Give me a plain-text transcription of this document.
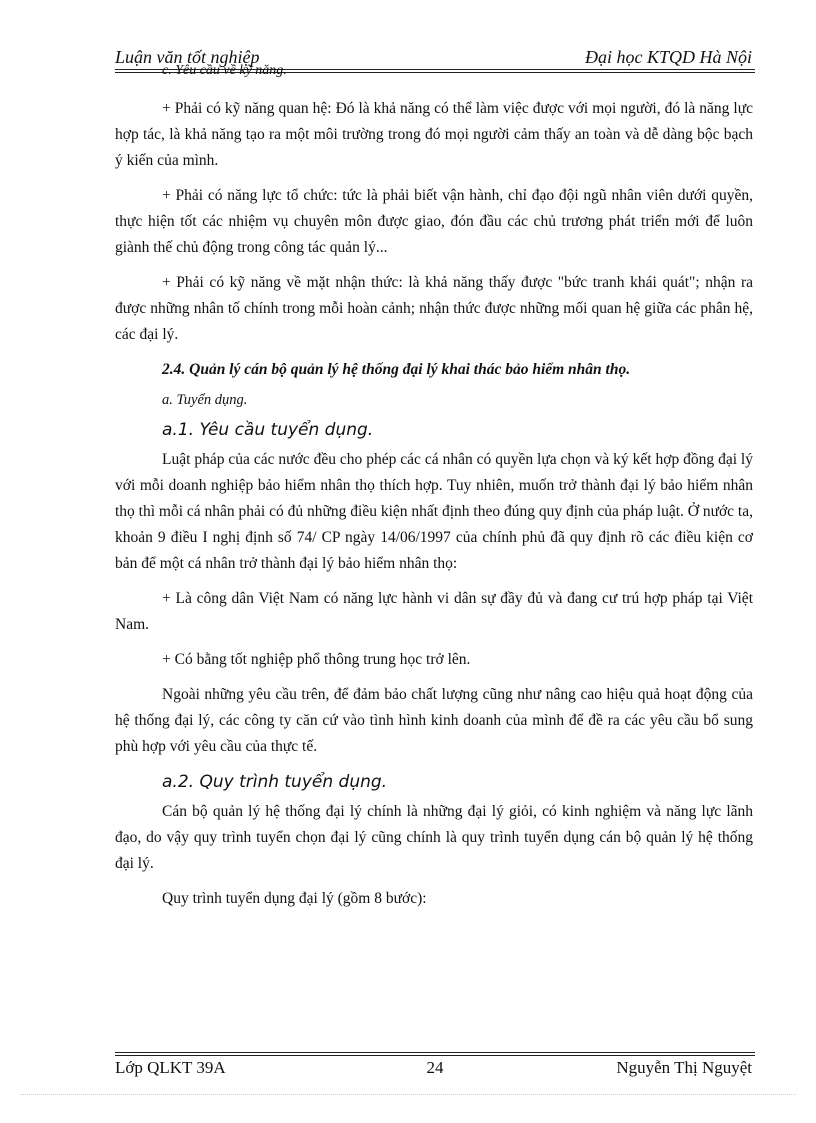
Luận văn tốt nghiệp	Đại học KTQD Hà Nội

c. Yêu cầu về kỹ năng.

+ Phải có kỹ năng quan hệ: Đó là khả năng có thể làm việc được với mọi người, đó là năng lực hợp tác, là khả năng tạo ra một môi trường trong đó mọi người cảm thấy an toàn và dễ dàng bộc bạch ý kiến của mình.

+ Phải có năng lực tổ chức: tức là phải biết vận hành, chỉ đạo đội ngũ nhân viên dưới quyền, thực hiện tốt các nhiệm vụ chuyên môn được giao, đón đầu các chủ trương phát triển mới để luôn giành thế chủ động trong công tác quản lý...

+ Phải có kỹ năng về mặt nhận thức: là khả năng thấy được "bức tranh khái quát"; nhận ra được những nhân tố chính trong mỗi hoàn cảnh; nhận thức được những mối quan hệ giữa các phân hệ, các đại lý.

2.4. Quản lý cán bộ quản lý hệ thống đại lý khai thác bảo hiểm nhân thọ.

a. Tuyển dụng.

a.1. Yêu cầu tuyển dụng.

Luật pháp của các nước đều cho phép các cá nhân có quyền lựa chọn và ký kết hợp đồng đại lý với mỗi doanh nghiệp bảo hiểm nhân thọ thích hợp. Tuy nhiên, muốn trở thành đại lý bảo hiểm nhân thọ thì mỗi cá nhân phải có đủ những điều kiện nhất định theo đúng quy định của pháp luật. Ở nước ta, khoản 9 điều I nghị định số 74/ CP ngày 14/06/1997 của chính phủ đã quy định rõ các điều kiện cơ bản để một cá nhân trở thành đại lý bảo hiểm nhân thọ:

+ Là công dân Việt Nam có năng lực hành vi dân sự đầy đủ và đang cư trú hợp pháp tại Việt Nam.

+ Có bằng tốt nghiệp phổ thông trung học trở lên.

Ngoài những yêu cầu trên, để đảm bảo chất lượng cũng như nâng cao hiệu quả hoạt động của hệ thống đại lý, các công ty căn cứ vào tình hình kinh doanh của mình để đề ra các yêu cầu bổ sung phù hợp với yêu cầu của thực tế.

a.2. Quy trình tuyển dụng.

Cán bộ quản lý hệ thống đại lý chính là những đại lý giỏi, có kinh nghiệm và năng lực lãnh đạo, do vậy quy trình tuyển chọn đại lý cũng chính là quy trình tuyển dụng cán bộ quản lý hệ thống đại lý.

Quy trình tuyển dụng đại lý (gồm 8 bước):

Lớp QLKT 39A	24	Nguyễn Thị Nguyệt
